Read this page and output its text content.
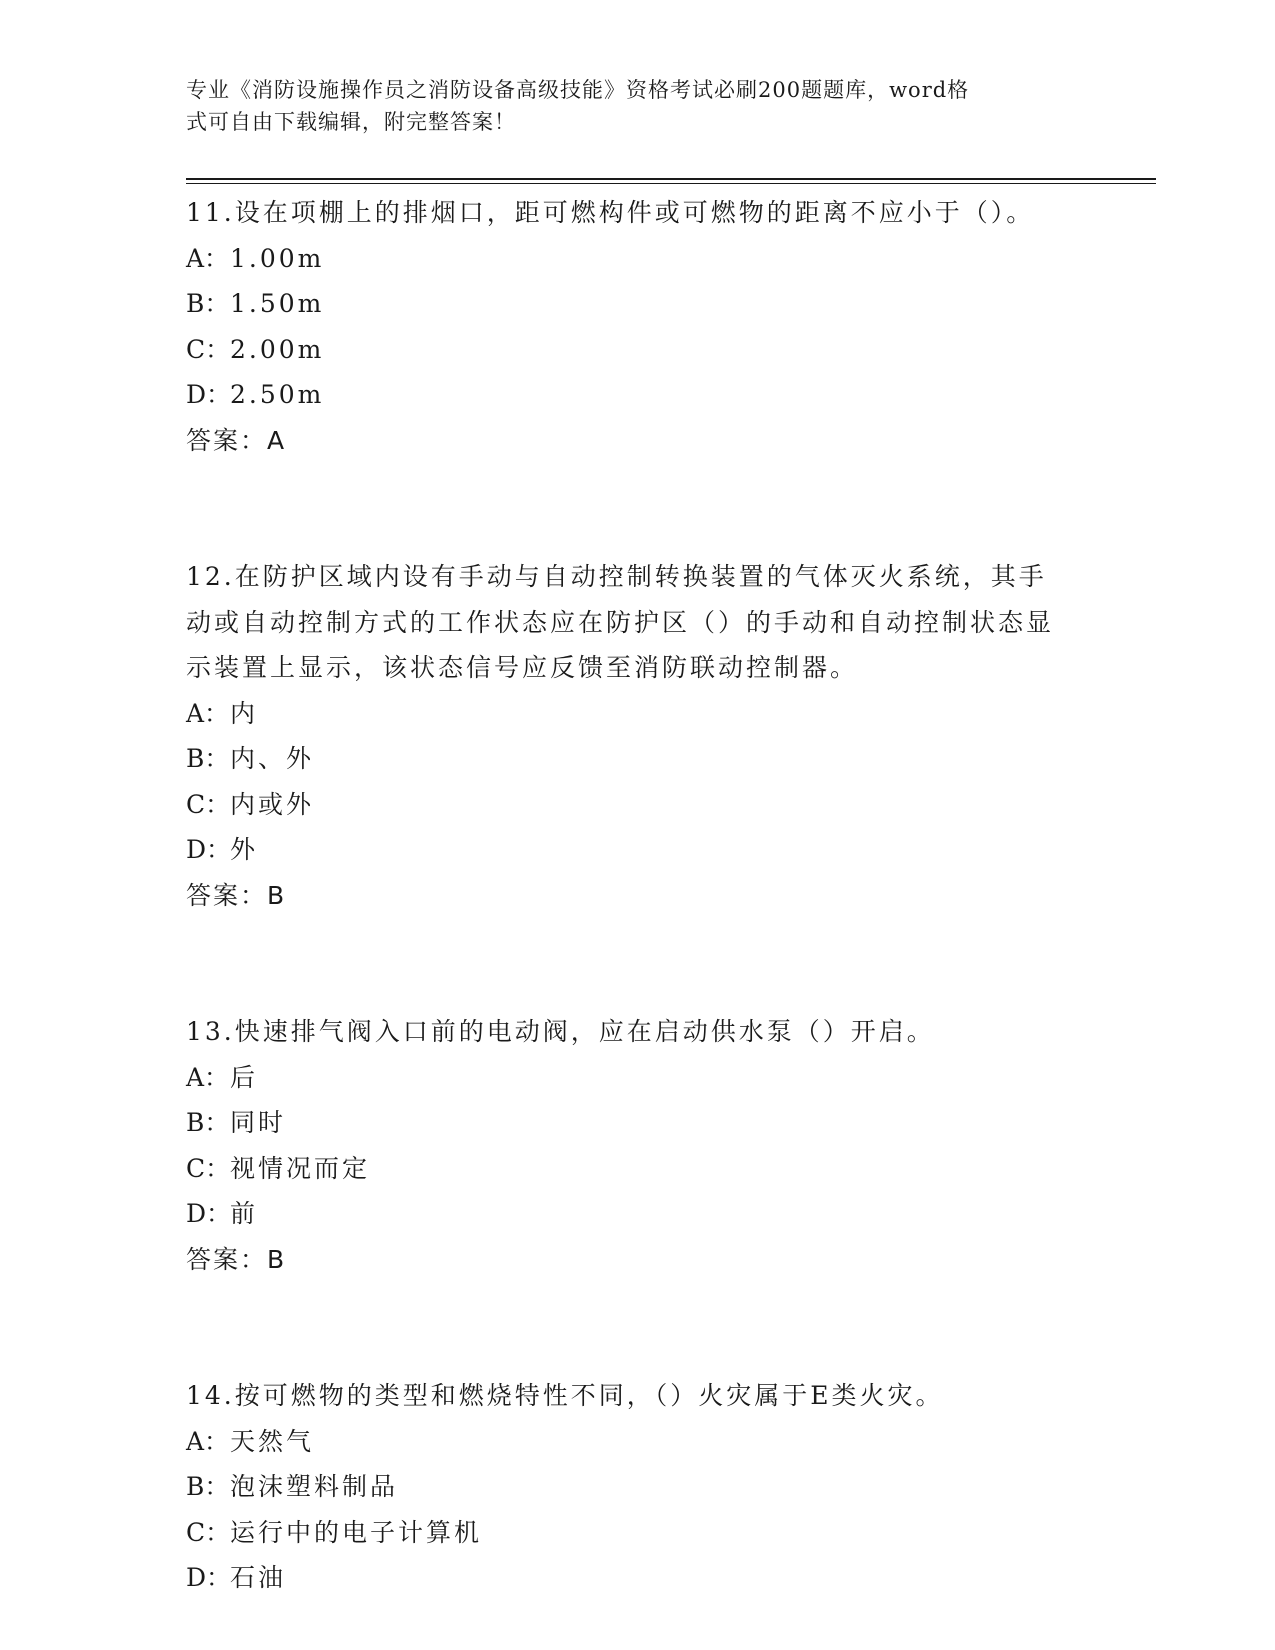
专业《消防设施操作员之消防设备高级技能》资格考试必刷200题题库，word格
式可自由下载编辑，附完整答案！
11.设在项棚上的排烟口，距可燃构件或可燃物的距离不应小于（）。
A： 1.00m
B： 1.50m
C： 2.00m
D：
2.50m
答案：A
12.在防护区域内设有手动与自动控制转换装置的气体灭火系统，其手动或自动控制方式的工作状态应在防护区（）的手动和自动控制状态显示装置上显示，该状态信号应反馈至消防联动控制器。
A： 内
B： 内、外
C： 内或外
D：
外
答案：B
13.快速排气阀入口前的电动阀，应在启动供水泵（）开启。
A： 后
B： 同时
C： 视情况而定
D：
前
答案：B
14.按可燃物的类型和燃烧特性不同，（）火灾属于E类火灾。
A： 天然气
B： 泡沫塑料制品
C： 运行中的电子计算机
D：
石油
